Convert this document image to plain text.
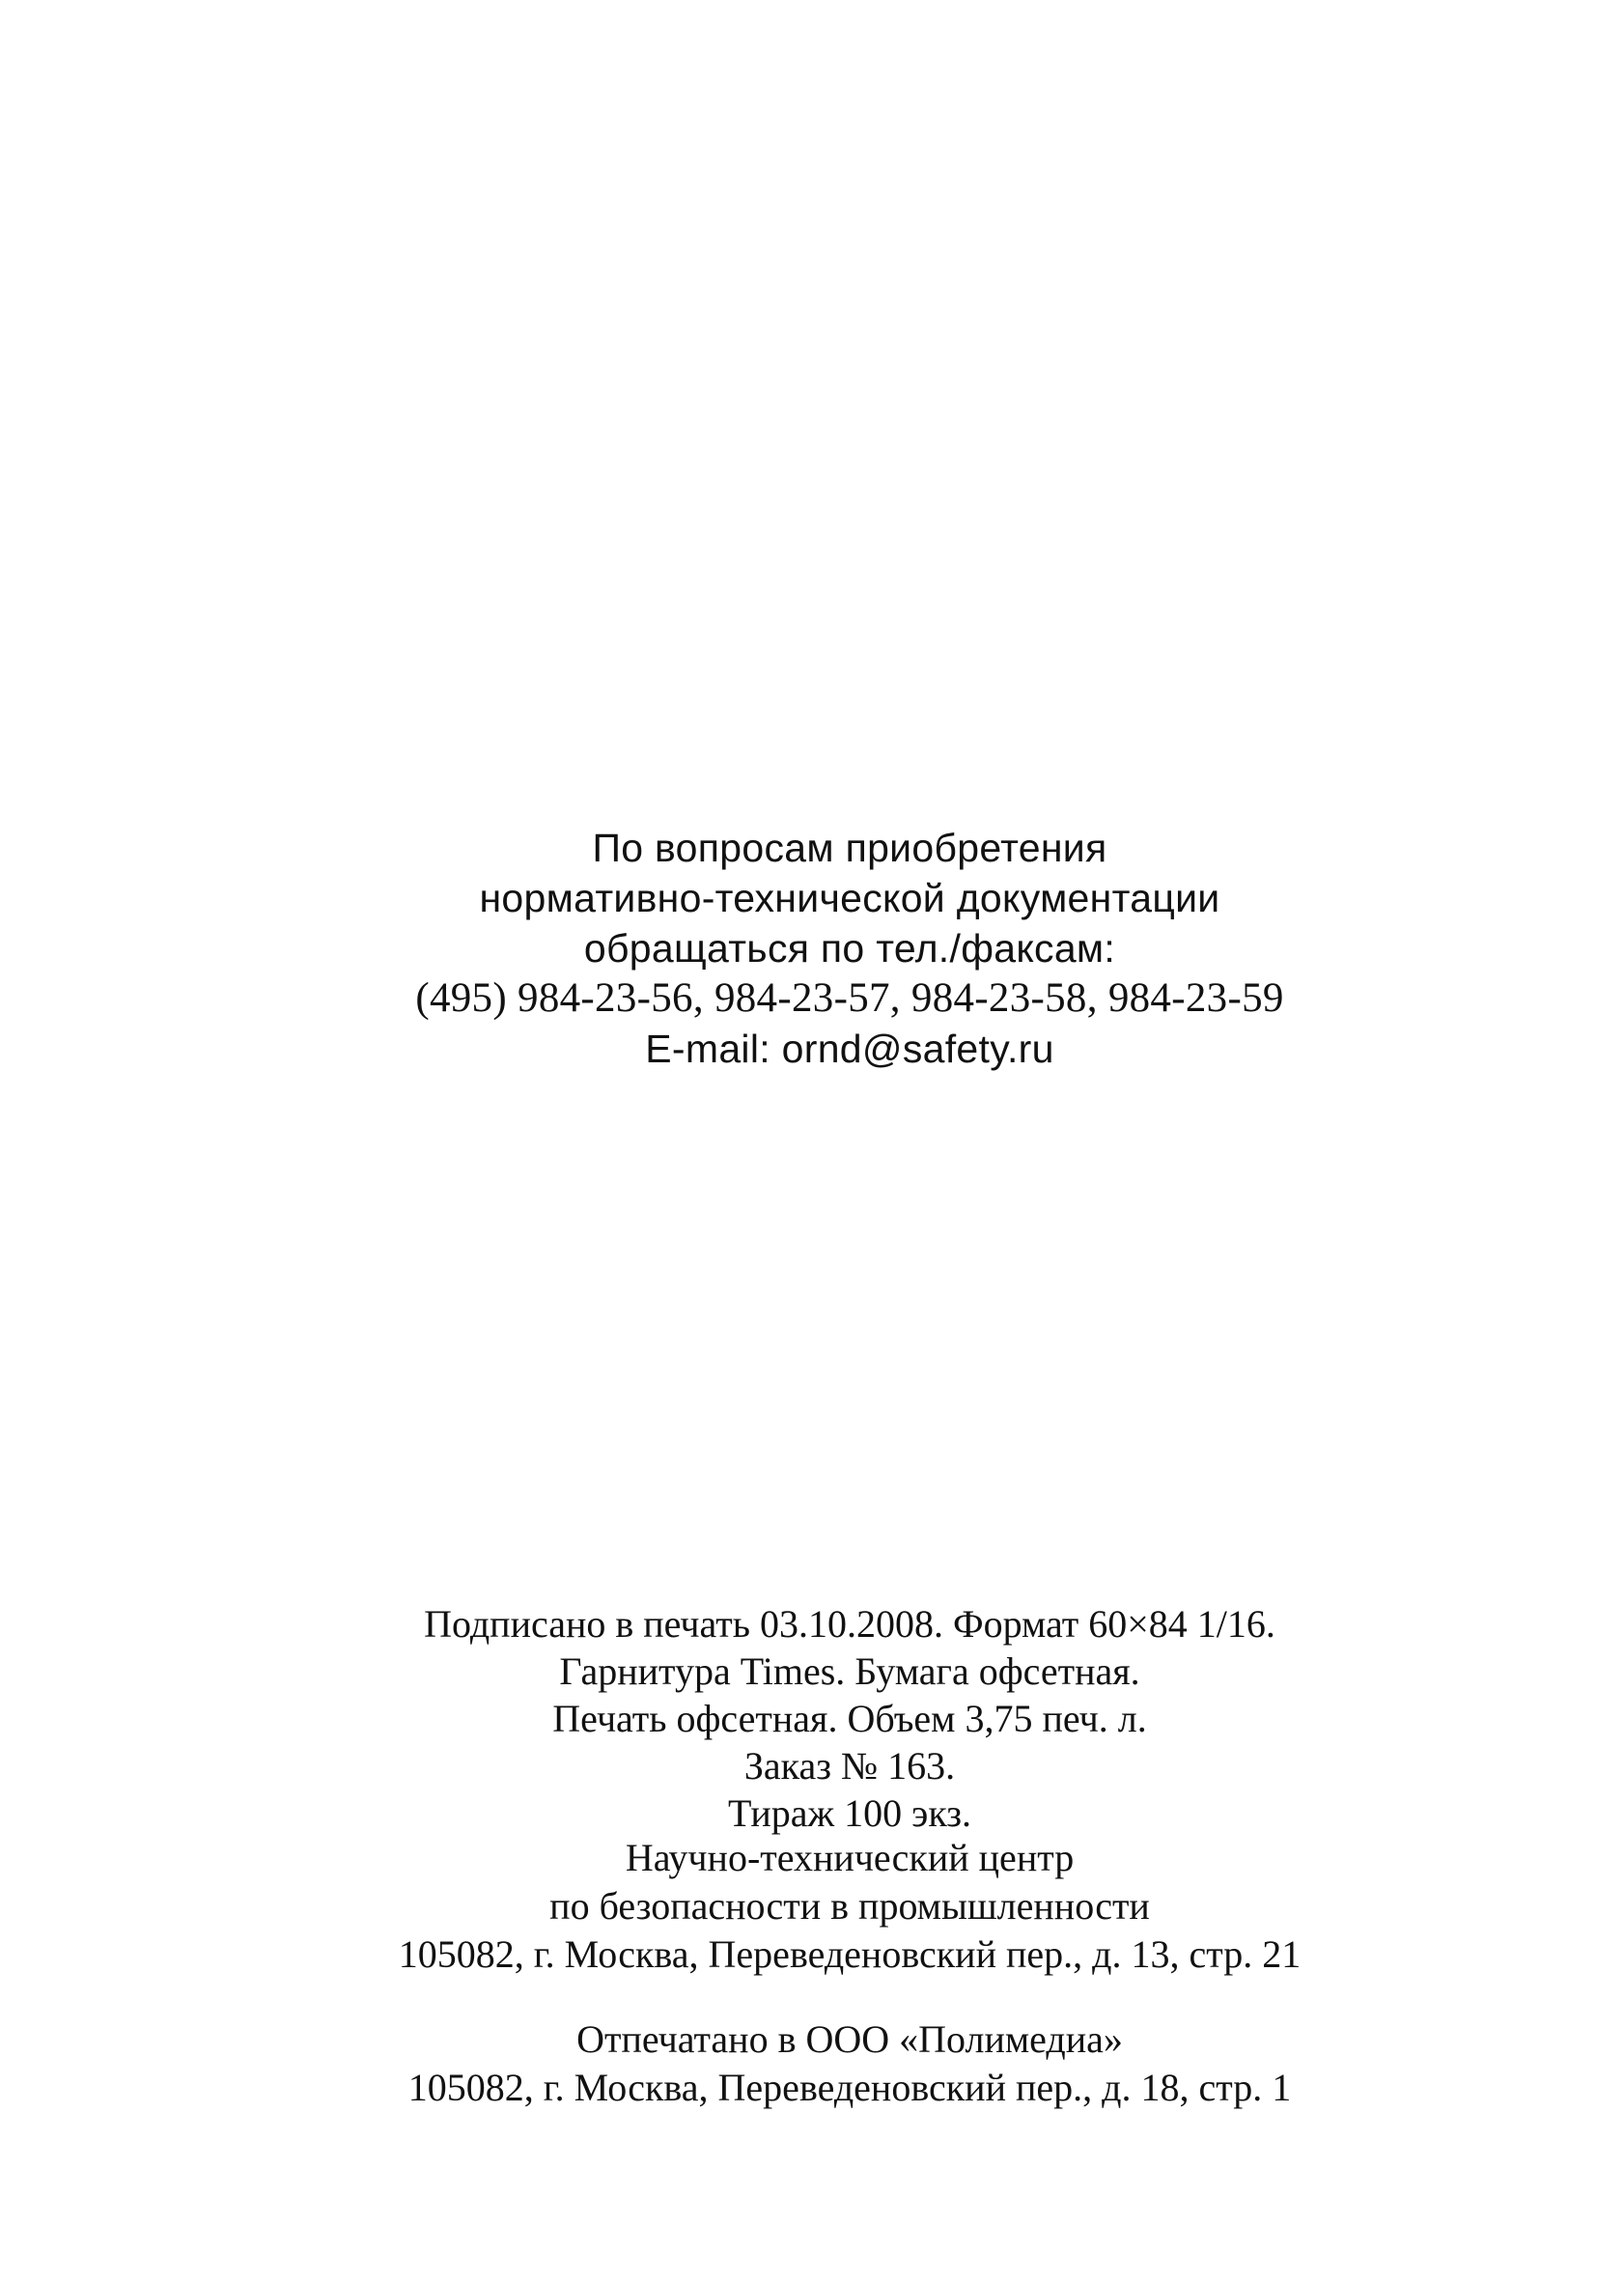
По вопросам приобретения
нормативно-технической документации
обращаться по тел./факсам:
(495) 984-23-56, 984-23-57, 984-23-58, 984-23-59
E-mail: ornd@safety.ru
Подписано в печать 03.10.2008. Формат 60×84 1/16.
Гарнитура Times. Бумага офсетная.
Печать офсетная. Объем 3,75 печ. л.
Заказ № 163.
Тираж 100 экз.
Научно-технический центр
по безопасности в промышленности
105082, г. Москва, Переведеновский пер., д. 13, стр. 21
Отпечатано в ООО «Полимедиа»
105082, г. Москва, Переведеновский пер., д. 18, стр. 1
